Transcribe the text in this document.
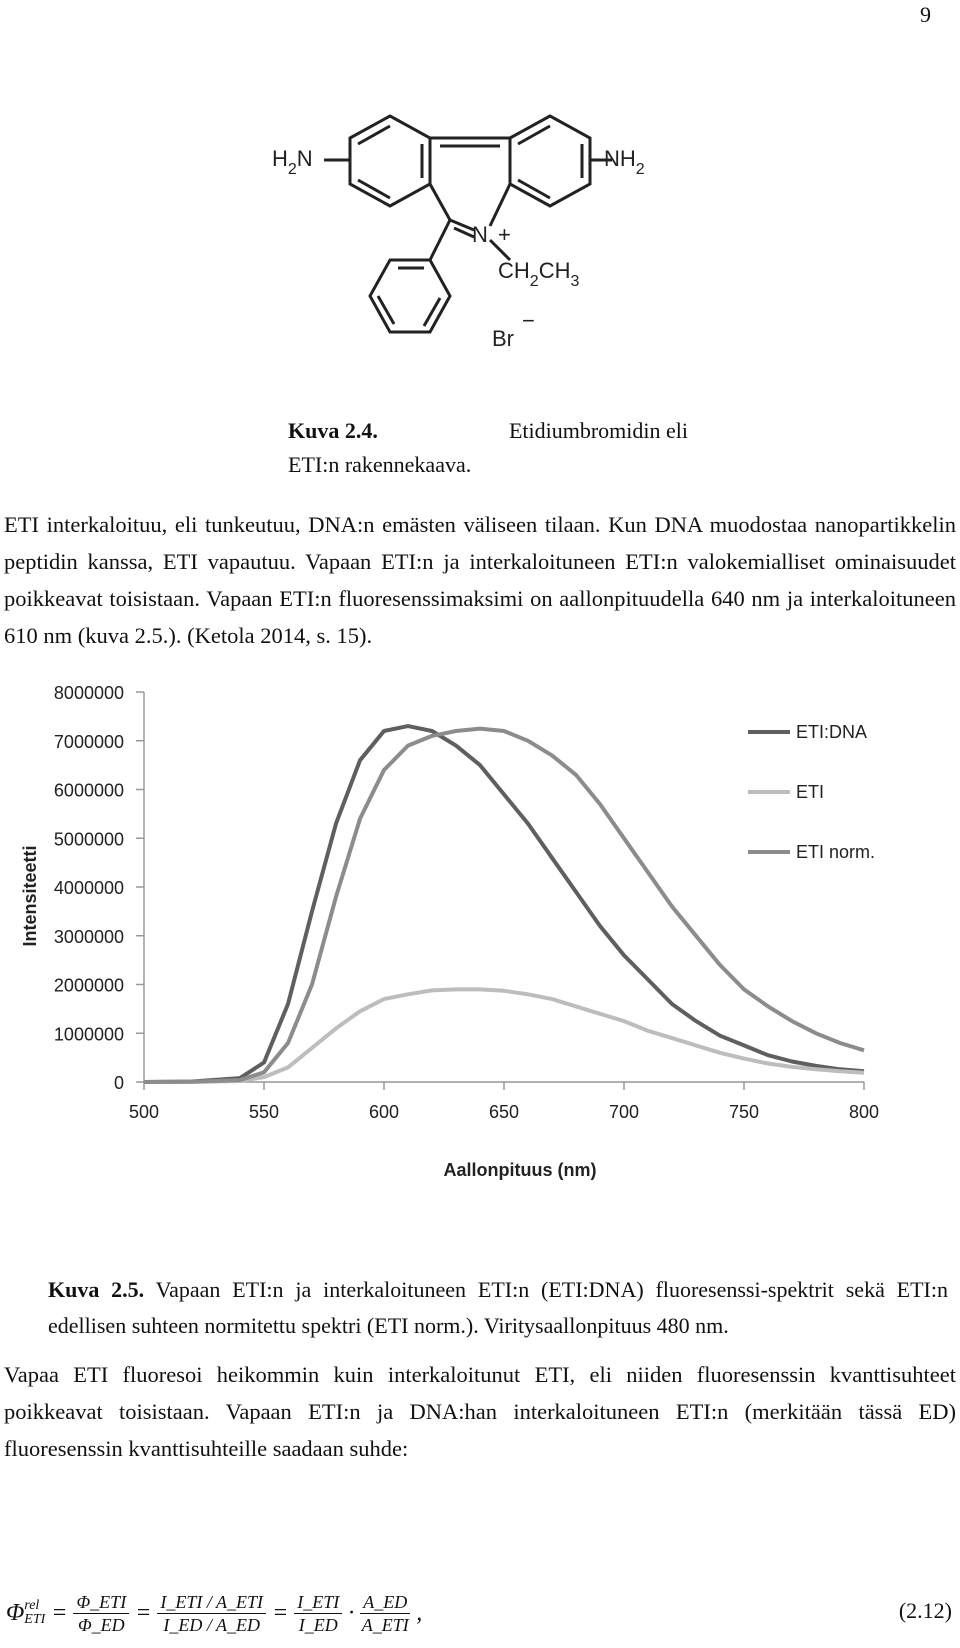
9
$H_2N$	$NH_2$
N +
$CH_2CH_3$
Br
−
Kuva 2.4.	Etidiumbromidin eli
ETI:n rakennekaava.
ETI interkaloituu, eli tunkeutuu, DNA:n emästen väliseen tilaan. Kun DNA muodostaa nanopartikkelin peptidin kanssa, ETI vapautuu. Vapaan ETI:n ja interkaloituneen ETI:n valokemialliset ominaisuudet poikkeavat toisistaan. Vapaan ETI:n fluoresenssimaksimi on aallonpituudella 640 nm ja interkaloituneen 610 nm (kuva 2.5.). (Ketola 2014, s. 15).
0
1000000
2000000
3000000
4000000
5000000
6000000
7000000
8000000
500	550	600	650	700	750	800
Aallonpituus (nm)
Intensiteetti
ETI:DNA
ETI
ETI norm.
Kuva 2.5. Vapaan ETI:n ja interkaloituneen ETI:n (ETI:DNA) fluoresenssi-spektrit sekä ETI:n edellisen suhteen normitettu spektri (ETI norm.). Viritysaallonpituus 480 nm.
Vapaa ETI fluoresoi heikommin kuin interkaloitunut ETI, eli niiden fluoresenssin kvanttisuhteet poikkeavat toisistaan. Vapaan ETI:n ja DNA:han interkaloituneen ETI:n (merkitään tässä ED) fluoresenssin kvanttisuhteille saadaan suhde:
Φ rel
ETI = $\frac{\text{Φ\_ETI}}{\Phi\_ED} = \frac{\text{I\_ETI / A\_ETI}}{I\_ED / A\_ED} = \frac{\text{I\_ETI}}{I\_ED} \cdot \frac{A\_ED}{\text{A\_ETI}}$ ,	(2.12)
